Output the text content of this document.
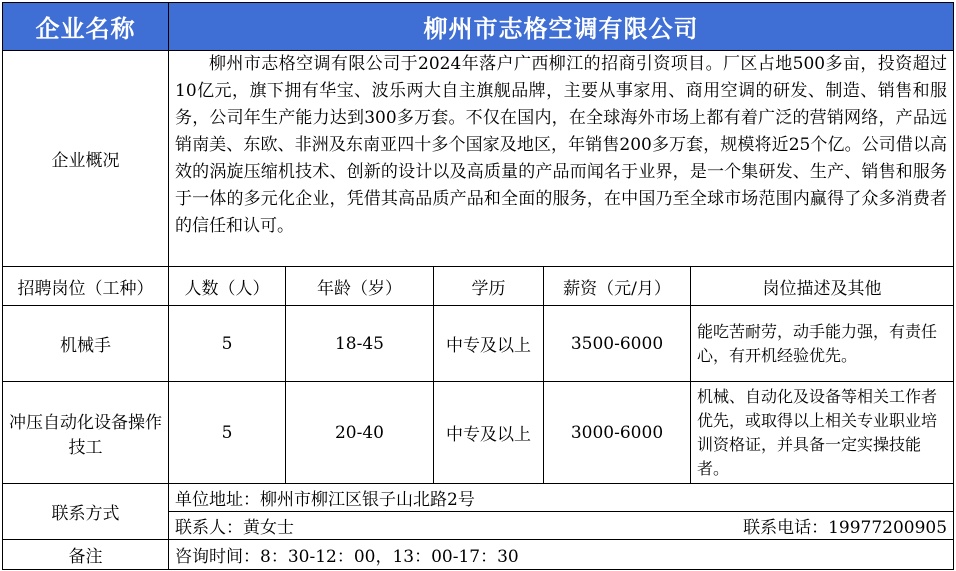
企业名称	柳州市志格空调有限公司				
企业概况	柳州市志格空调有限公司于2024年落户广西柳江的招商引资项目。厂区占地500多亩，投资超过10亿元，旗下拥有华宝、波乐两大自主旗舰品牌，主要从事家用、商用空调的研发、制造、销售和服务，公司年生产能力达到300多万套。不仅在国内，在全球海外市场上都有着广泛的营销网络，产品远销南美、东欧、非洲及东南亚四十多个国家及地区，年销售200多万套，规模将近25个亿。公司借以高效的涡旋压缩机技术、创新的设计以及高质量的产品而闻名于业界，是一个集研发、生产、销售和服务于一体的多元化企业，凭借其高品质产品和全面的服务，在中国乃至全球市场范围内赢得了众多消费者的信任和认可。				

招聘岗位（工种）	人数（人）	年龄（岁）	学历	薪资（元/月）	岗位描述及其他
机械手	5	18-45	中专及以上	3500-6000	能吃苦耐劳，动手能力强，有责任心，有开机经验优先。
冲压自动化设备操作技工	5	20-40	中专及以上	3000-6000	机械、自动化及设备等相关工作者优先，或取得以上相关专业职业培训资格证，并具备一定实操技能者。
联系方式	单位地址：柳州市柳江区银子山北路2号				

	联系人：黄女士 联系电话：19977200905				

备注	咨询时间：8：30-12：00，13：00-17：30				
